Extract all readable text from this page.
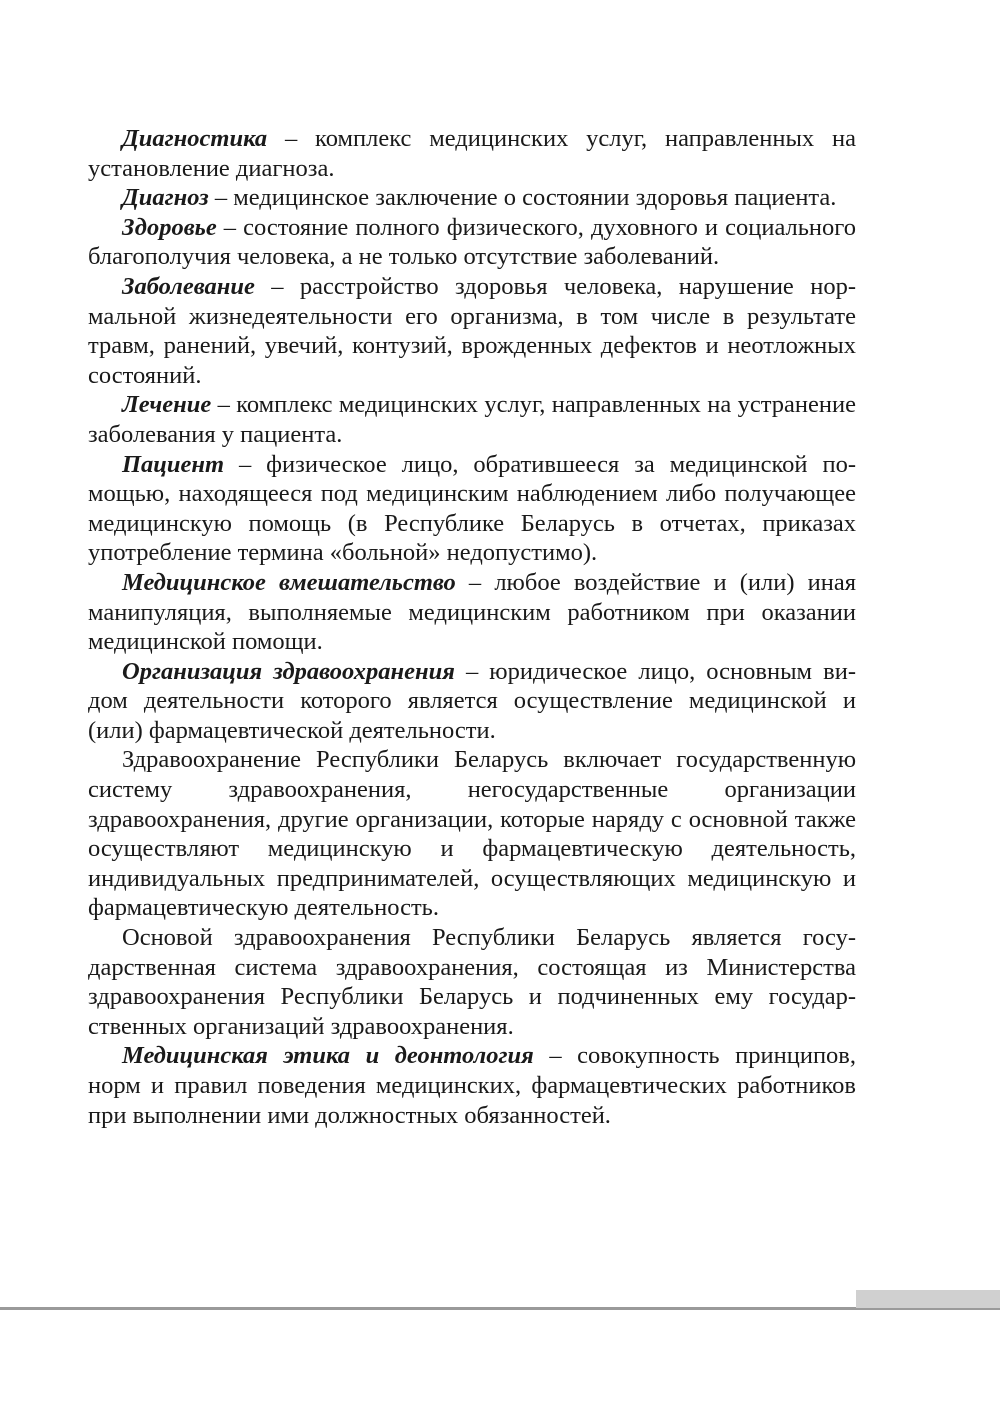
Диагностика – комплекс медицинских услуг, направленных на установление диагноза.

Диагноз – медицинское заключение о состоянии здоровья пациента.

Здоровье – состояние полного физического, духовного и социального благополучия человека, а не только отсутствие заболеваний.

Заболевание – расстройство здоровья человека, нарушение нормальной жизнедеятельности его организма, в том числе в результате травм, ранений, увечий, контузий, врожденных дефектов и неотложных состояний.

Лечение – комплекс медицинских услуг, направленных на устранение заболевания у пациента.

Пациент – физическое лицо, обратившееся за медицинской помощью, находящееся под медицинским наблюдением либо получающее медицинскую помощь (в Республике Беларусь в отчетах, приказах употребление термина «больной» недопустимо).

Медицинское вмешательство – любое воздействие и (или) иная манипуляция, выполняемые медицинским работником при оказании медицинской помощи.

Организация здравоохранения – юридическое лицо, основным видом деятельности которого является осуществление медицинской и (или) фармацевтической деятельности.

Здравоохранение Республики Беларусь включает государственную систему здравоохранения, негосударственные организации здравоохранения, другие организации, которые наряду с основной также осуществляют медицинскую и фармацевтическую деятельность, индивидуальных предпринимателей, осуществляющих медицинскую и фармацевтическую деятельность.

Основой здравоохранения Республики Беларусь является государственная система здравоохранения, состоящая из Министерства здравоохранения Республики Беларусь и подчиненных ему государственных организаций здравоохранения.

Медицинская этика и деонтология – совокупность принципов, норм и правил поведения медицинских, фармацевтических работников при выполнении ими должностных обязанностей.
